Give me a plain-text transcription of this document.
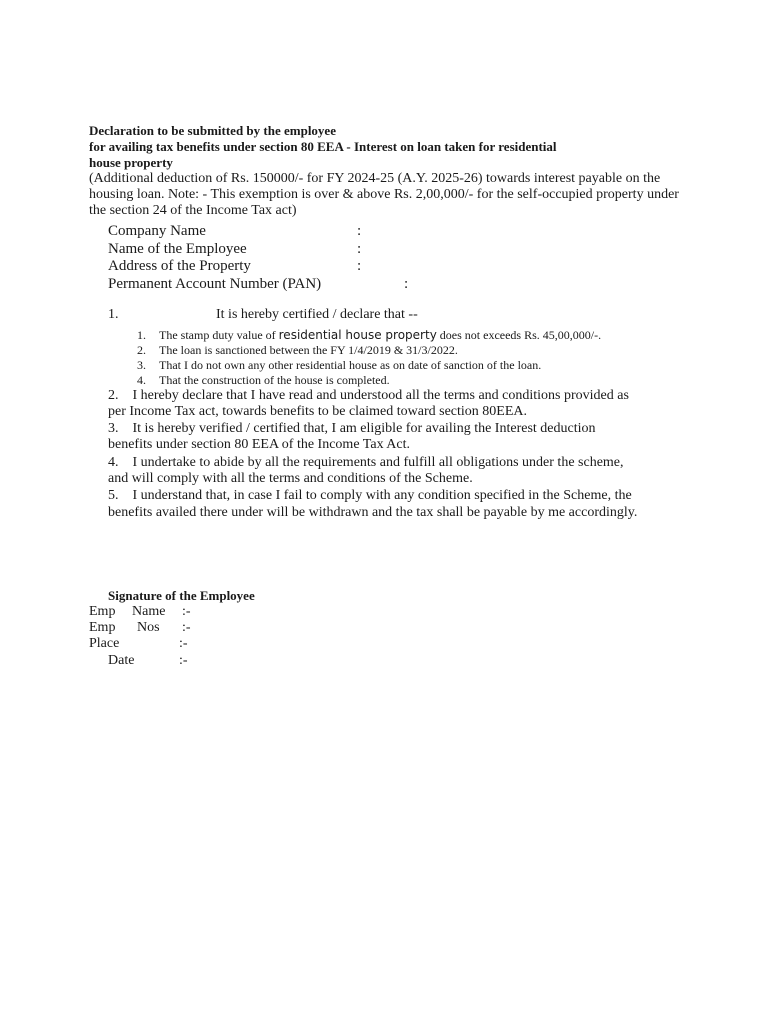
Declaration to be submitted by the employee
for availing tax benefits under section 80 EEA - Interest on loan taken for residential
house property
(Additional deduction of Rs. 150000/- for FY 2024-25 (A.Y. 2025-26) towards interest payable on the
housing loan. Note: - This exemption is over & above Rs. 2,00,000/- for the self-occupied property under
the section 24 of the Income Tax act)
Company Name	:
Name of the Employee	:
Address of the Property	:
Permanent Account Number (PAN)	:
1.	It is hereby certified / declare that --
1. The stamp duty value of residential house property does not exceeds Rs. 45,00,000/-.
2. The loan is sanctioned between the FY 1/4/2019 & 31/3/2022.
3. That I do not own any other residential house as on date of sanction of the loan.
4. That the construction of the house is completed.
2.    I hereby declare that I have read and understood all the terms and conditions provided as
per Income Tax act, towards benefits to be claimed toward section 80EEA.
3.    It is hereby verified / certified that, I am eligible for availing the Interest deduction
benefits under section 80 EEA of the Income Tax Act.
4.    I undertake to abide by all the requirements and fulfill all obligations under the scheme,
and will comply with all the terms and conditions of the Scheme.
5.    I understand that, in case I fail to comply with any condition specified in the Scheme, the
benefits availed there under will be withdrawn and the tax shall be payable by me accordingly.
Signature of the Employee
Emp Name :-
Emp Nos :-
Place	:-
Date	:-
